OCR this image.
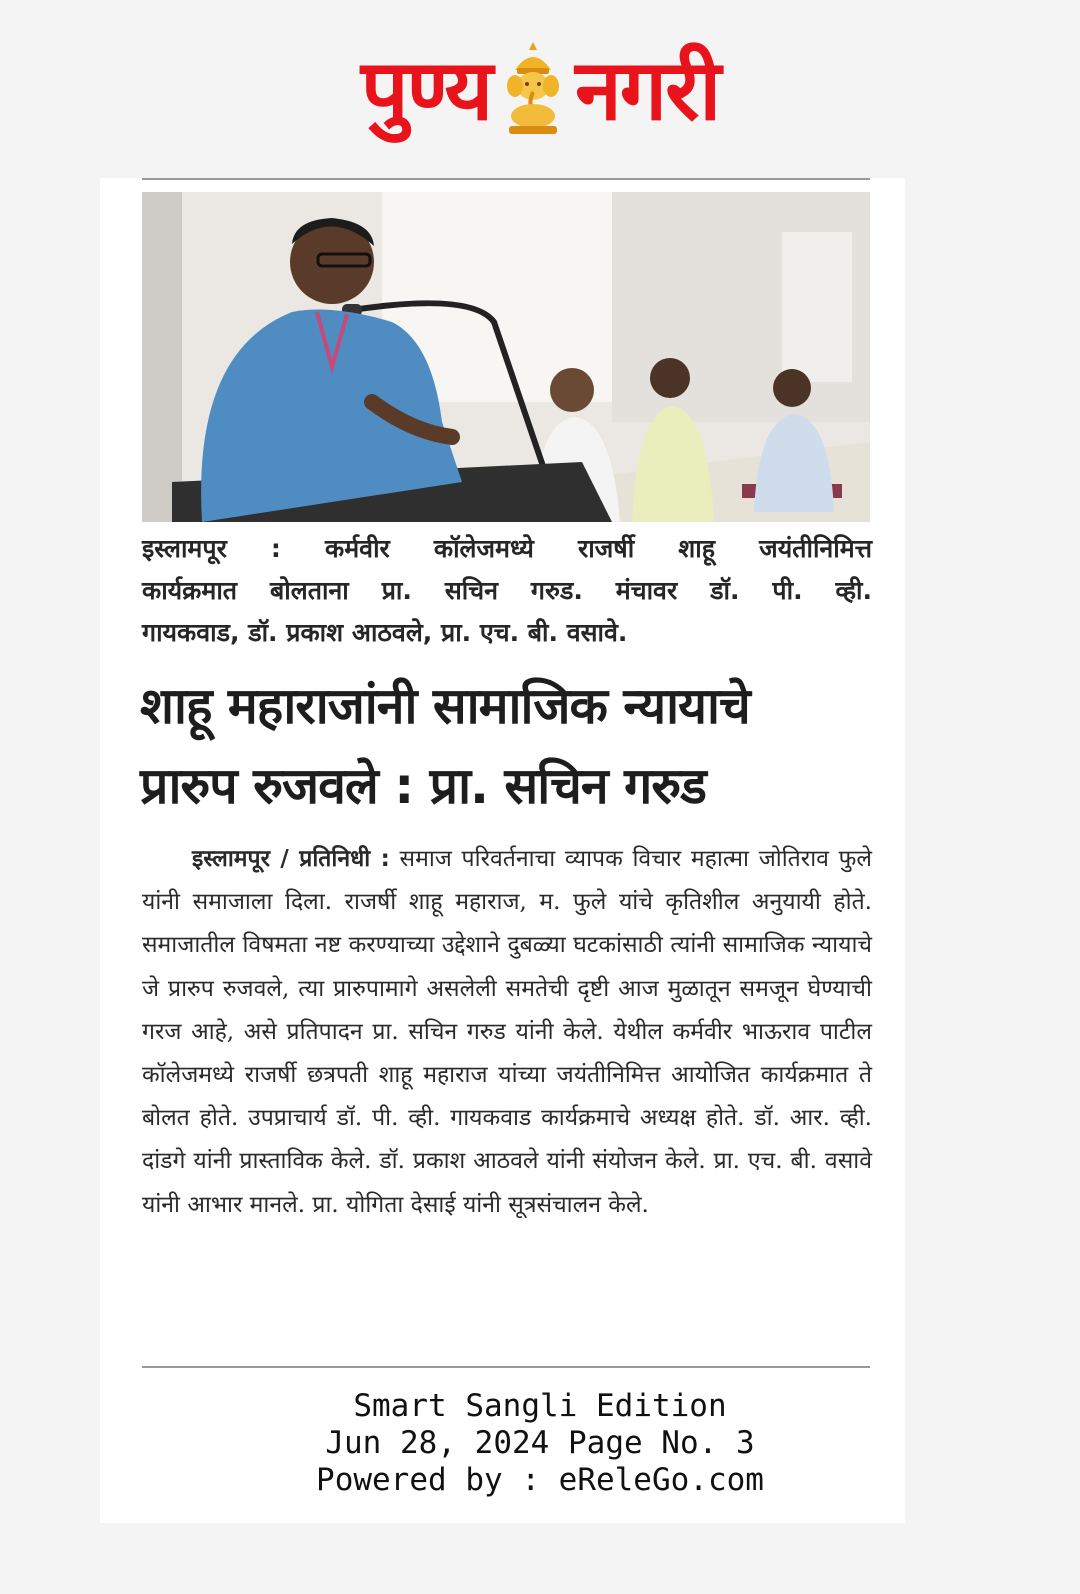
पुण्य नगरी
इस्लामपूर : कर्मवीर कॉलेजमध्ये राजर्षी शाहू जयंतीनिमित्त
कार्यक्रमात बोलताना प्रा. सचिन गरुड. मंचावर डॉ. पी. व्ही.
गायकवाड, डॉ. प्रकाश आठवले, प्रा. एच. बी. वसावे.
शाहू महाराजांनी सामाजिक न्यायाचे
प्रारुप रुजवले : प्रा. सचिन गरुड

इस्लामपूर / प्रतिनिधी : समाज परिवर्तनाचा व्यापक विचार महात्मा जोतिराव फुले यांनी समाजाला दिला. राजर्षी शाहू महाराज, म. फुले यांचे कृतिशील अनुयायी होते. समाजातील विषमता नष्ट करण्याच्या उद्देशाने दुबळ्या घटकांसाठी त्यांनी सामाजिक न्यायाचे जे प्रारुप रुजवले, त्या प्रारुपामागे असलेली समतेची दृष्टी आज मुळातून समजून घेण्याची गरज आहे, असे प्रतिपादन प्रा. सचिन गरुड यांनी केले. येथील कर्मवीर भाऊराव पाटील कॉलेजमध्ये राजर्षी छत्रपती शाहू महाराज यांच्या जयंतीनिमित्त आयोजित कार्यक्रमात ते बोलत होते. उपप्राचार्य डॉ. पी. व्ही. गायकवाड कार्यक्रमाचे अध्यक्ष होते. डॉ. आर. व्ही. दांडगे यांनी प्रास्ताविक केले. डॉ. प्रकाश आठवले यांनी संयोजन केले. प्रा. एच. बी. वसावे यांनी आभार मानले. प्रा. योगिता देसाई यांनी सूत्रसंचालन केले.

Smart Sangli Edition
Jun 28, 2024 Page No. 3
Powered by : eReleGo.com
